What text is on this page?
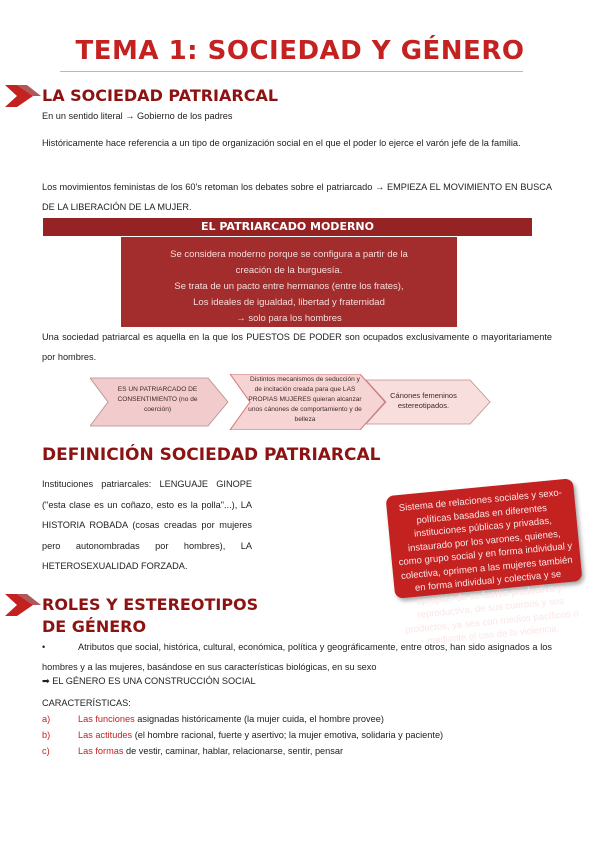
TEMA 1: SOCIEDAD Y GÉNERO
LA SOCIEDAD PATRIARCAL
En un sentido literal → Gobierno de los padres
Históricamente hace referencia a un tipo de organización social en el que el poder lo ejerce el varón jefe de la familia.
Los movimientos feministas de los 60's retoman los debates sobre el patriarcado → EMPIEZA EL MOVIMIENTO EN BUSCA DE LA LIBERACIÓN DE LA MUJER.
EL PATRIARCADO MODERNO
Se considera moderno porque se configura a partir de la
creación de la burguesía.
Se trata de un pacto entre hermanos (entre los frates),
Los ideales de igualdad, libertad y fraternidad
→ solo para los hombres
Una sociedad patriarcal es aquella en la que los PUESTOS DE PODER son ocupados exclusivamente o mayoritariamente por hombres.
ES UN PATRIARCADO DE CONSENTIMIENTO (no de coerción)
Distintos mecanismos de seducción y de incitación creada para que LAS PROPIAS MUJERES quieran alcanzar unos cánones de comportamiento y de belleza
Cánones femeninos estereotipados.
DEFINICIÓN SOCIEDAD PATRIARCAL
Instituciones patriarcales: LENGUAJE GINOPE ("esta clase es un coñazo, esto es la polla"...), LA HISTORIA ROBADA (cosas creadas por mujeres pero autonombradas por hombres), LA HETEROSEXUALIDAD FORZADA.
Sistema de relaciones sociales y sexo-políticas basadas en diferentes instituciones públicas y privadas, instaurado por los varones, quienes, como grupo social y en forma individual y colectiva, oprimen a las mujeres también en forma individual y colectiva y se apropian de su fuerza productiva y reproductiva, de sus cuerpos y sus productos, ya sea con medios pacíficos o mediante el uso de la violencia.
ROLES Y ESTEREOTIPOS
DE GÉNERO
•	Atributos que social, histórica, cultural, económica, política y geográficamente, entre otros, han sido asignados a los hombres y a las mujeres, basándose en sus características biológicas, en su sexo
➡ EL GÉNERO ES UNA CONSTRUCCIÓN SOCIAL
CARACTERÍSTICAS:
a)	Las funciones asignadas históricamente (la mujer cuida, el hombre provee)
b)	Las actitudes (el hombre racional, fuerte y asertivo; la mujer emotiva, solidaria y paciente)
c)	Las formas de vestir, caminar, hablar, relacionarse, sentir, pensar
